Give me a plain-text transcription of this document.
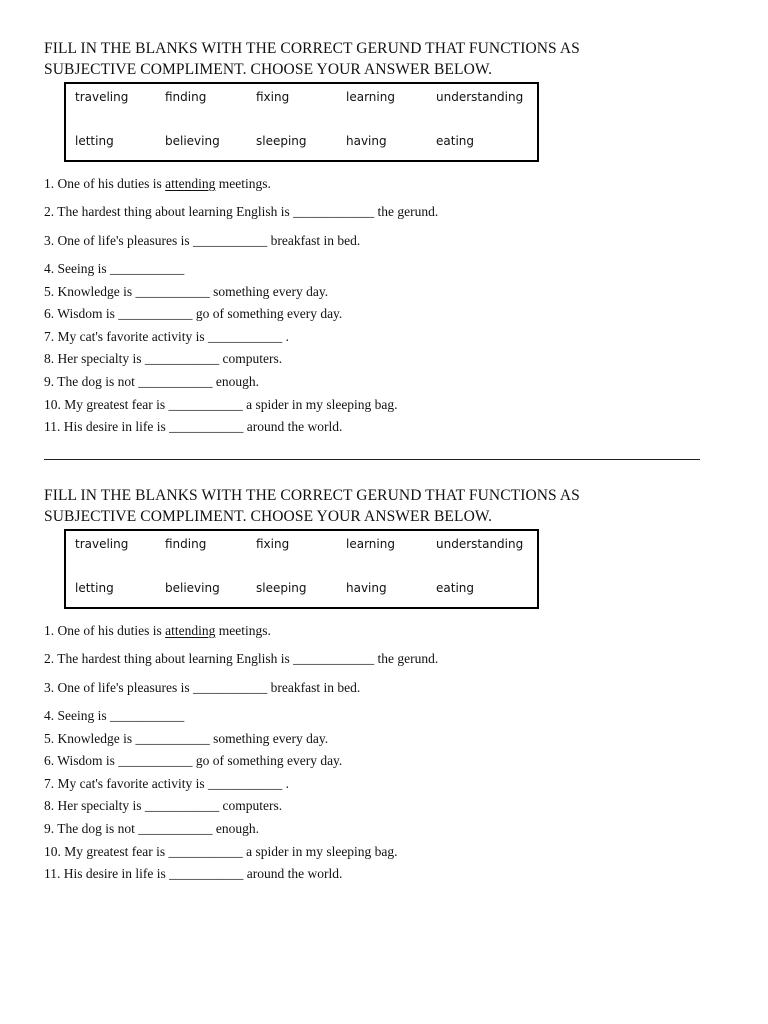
FILL IN THE BLANKS WITH THE CORRECT GERUND THAT FUNCTIONS AS
SUBJECTIVE COMPLIMENT. CHOOSE YOUR ANSWER BELOW.
traveling	finding	fixing	learning	understanding
letting	believing	sleeping	having	eating
1. One of his duties is attending meetings.
2. The hardest thing about learning English is ____________ the gerund.
3. One of life's pleasures is ___________ breakfast in bed.
4. Seeing is ___________
5. Knowledge is ___________ something every day.
6. Wisdom is ___________ go of something every day.
7. My cat's favorite activity is ___________ .
8. Her specialty is ___________ computers.
9. The dog is not ___________ enough.
10. My greatest fear is ___________ a spider in my sleeping bag.
11. His desire in life is ___________ around the world.
FILL IN THE BLANKS WITH THE CORRECT GERUND THAT FUNCTIONS AS
SUBJECTIVE COMPLIMENT. CHOOSE YOUR ANSWER BELOW.
traveling	finding	fixing	learning	understanding
letting	believing	sleeping	having	eating
1. One of his duties is attending meetings.
2. The hardest thing about learning English is ____________ the gerund.
3. One of life's pleasures is ___________ breakfast in bed.
4. Seeing is ___________
5. Knowledge is ___________ something every day.
6. Wisdom is ___________ go of something every day.
7. My cat's favorite activity is ___________ .
8. Her specialty is ___________ computers.
9. The dog is not ___________ enough.
10. My greatest fear is ___________ a spider in my sleeping bag.
11. His desire in life is ___________ around the world.
